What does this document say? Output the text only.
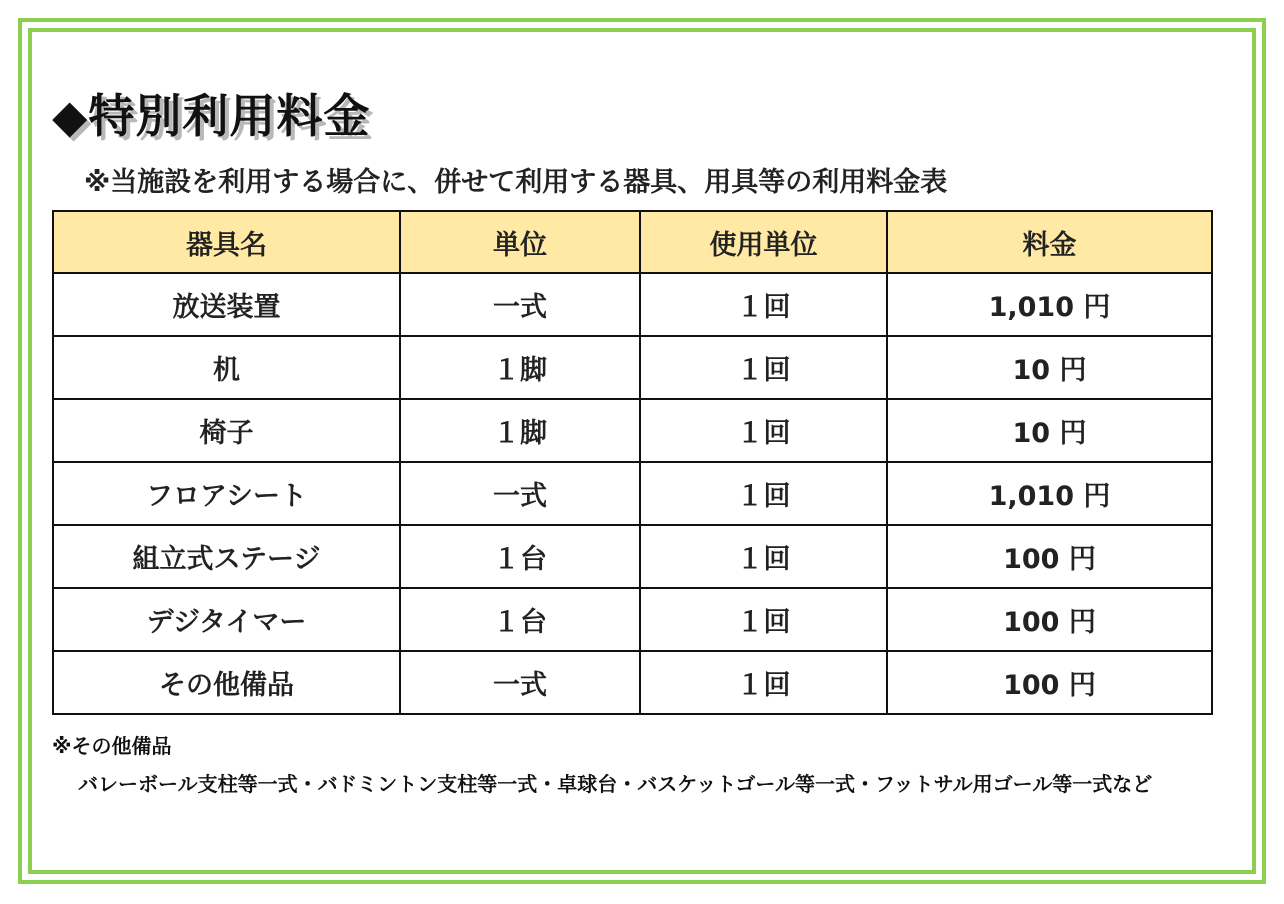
◆特別利用料金
※当施設を利用する場合に、併せて利用する器具、用具等の利用料金表
器具名	単位	使用単位	料金
放送装置	一式	１回	1,010 円
机	１脚	１回	10 円
椅子	１脚	１回	10 円
フロアシート	一式	１回	1,010 円
組立式ステージ	１台	１回	100 円
デジタイマー	１台	１回	100 円
その他備品	一式	１回	100 円
※その他備品
バレーボール支柱等一式・バドミントン支柱等一式・卓球台・バスケットゴール等一式・フットサル用ゴール等一式など
